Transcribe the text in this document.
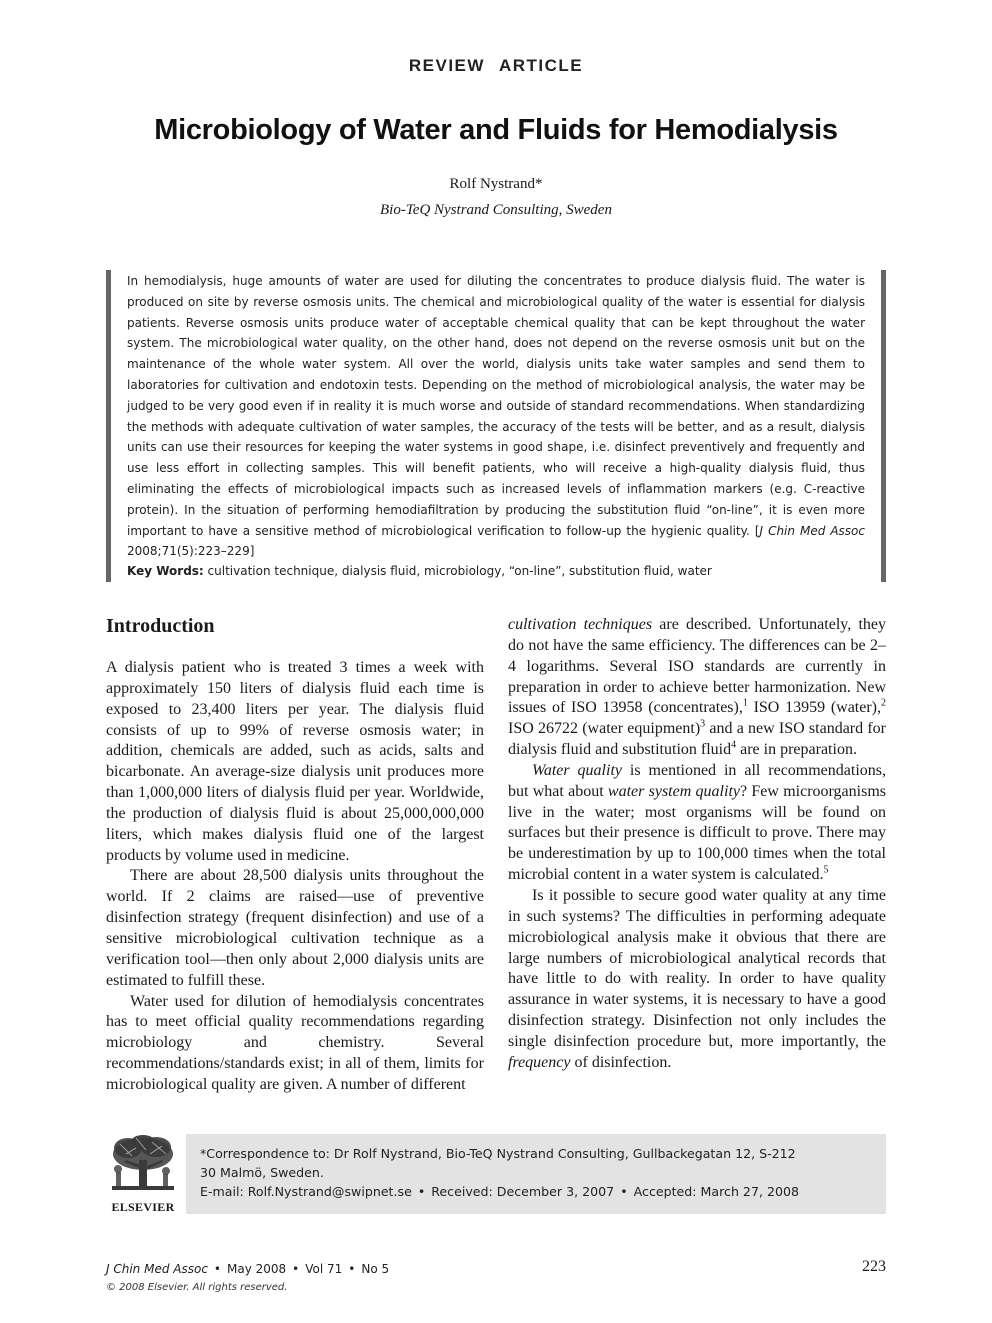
REVIEW ARTICLE
Microbiology of Water and Fluids for Hemodialysis
Rolf Nystrand*
Bio-TeQ Nystrand Consulting, Sweden
In hemodialysis, huge amounts of water are used for diluting the concentrates to produce dialysis fluid. The water is produced on site by reverse osmosis units. The chemical and microbiological quality of the water is essential for dialysis patients. Reverse osmosis units produce water of acceptable chemical quality that can be kept throughout the water system. The microbiological water quality, on the other hand, does not depend on the reverse osmosis unit but on the maintenance of the whole water system. All over the world, dialysis units take water samples and send them to laboratories for cultivation and endotoxin tests. Depending on the method of microbiological analysis, the water may be judged to be very good even if in reality it is much worse and outside of standard recommendations. When standardizing the methods with adequate cultivation of water samples, the accuracy of the tests will be better, and as a result, dialysis units can use their resources for keeping the water systems in good shape, i.e. disinfect preventively and frequently and use less effort in collecting samples. This will benefit patients, who will receive a high-quality dialysis fluid, thus eliminating the effects of microbiological impacts such as increased levels of inflammation markers (e.g. C-reactive protein). In the situation of performing hemodiafiltration by producing the substitution fluid “on-line”, it is even more important to have a sensitive method of microbiological verification to follow-up the hygienic quality. [J Chin Med Assoc 2008;71(5):223–229]
Key Words: cultivation technique, dialysis fluid, microbiology, “on-line”, substitution fluid, water
Introduction

A dialysis patient who is treated 3 times a week with approximately 150 liters of dialysis fluid each time is exposed to 23,400 liters per year. The dialysis fluid consists of up to 99% of reverse osmosis water; in addition, chemicals are added, such as acids, salts and bicarbonate. An average-size dialysis unit produces more than 1,000,000 liters of dialysis fluid per year. Worldwide, the production of dialysis fluid is about 25,000,000,000 liters, which makes dialysis fluid one of the largest products by volume used in medicine.

There are about 28,500 dialysis units throughout the world. If 2 claims are raised—use of preventive disinfection strategy (frequent disinfection) and use of a sensitive microbiological cultivation technique as a verification tool—then only about 2,000 dialysis units are estimated to fulfill these.

Water used for dilution of hemodialysis concentrates has to meet official quality recommendations regarding microbiology and chemistry. Several recommendations/standards exist; in all of them, limits for microbiological quality are given. A number of different

cultivation techniques are described. Unfortunately, they do not have the same efficiency. The differences can be 2–4 logarithms. Several ISO standards are currently in preparation in order to achieve better harmonization. New issues of ISO 13958 (concentrates),$^1$ ISO 13959 (water),$^2$ ISO 26722 (water equipment)$^3$ and a new ISO standard for dialysis fluid and substitution fluid$^4$ are in preparation.

Water quality is mentioned in all recommendations, but what about water system quality? Few microorganisms live in the water; most organisms will be found on surfaces but their presence is difficult to prove. There may be underestimation by up to 100,000 times when the total microbial content in a water system is calculated.$^5$

Is it possible to secure good water quality at any time in such systems? The difficulties in performing adequate microbiological analysis make it obvious that there are large numbers of microbiological analytical records that have little to do with reality. In order to have quality assurance in water systems, it is necessary to have a good disinfection strategy. Disinfection not only includes the single disinfection procedure but, more importantly, the frequency of disinfection.

ELSEVIER
*Correspondence to: Dr Rolf Nystrand, Bio-TeQ Nystrand Consulting, Gullbackegatan 12, S-212
30 Malmö, Sweden.
E-mail: Rolf.Nystrand@swipnet.se • Received: December 3, 2007 • Accepted: March 27, 2008
J Chin Med Assoc • May 2008 • Vol 71 • No 5
© 2008 Elsevier. All rights reserved.
223
